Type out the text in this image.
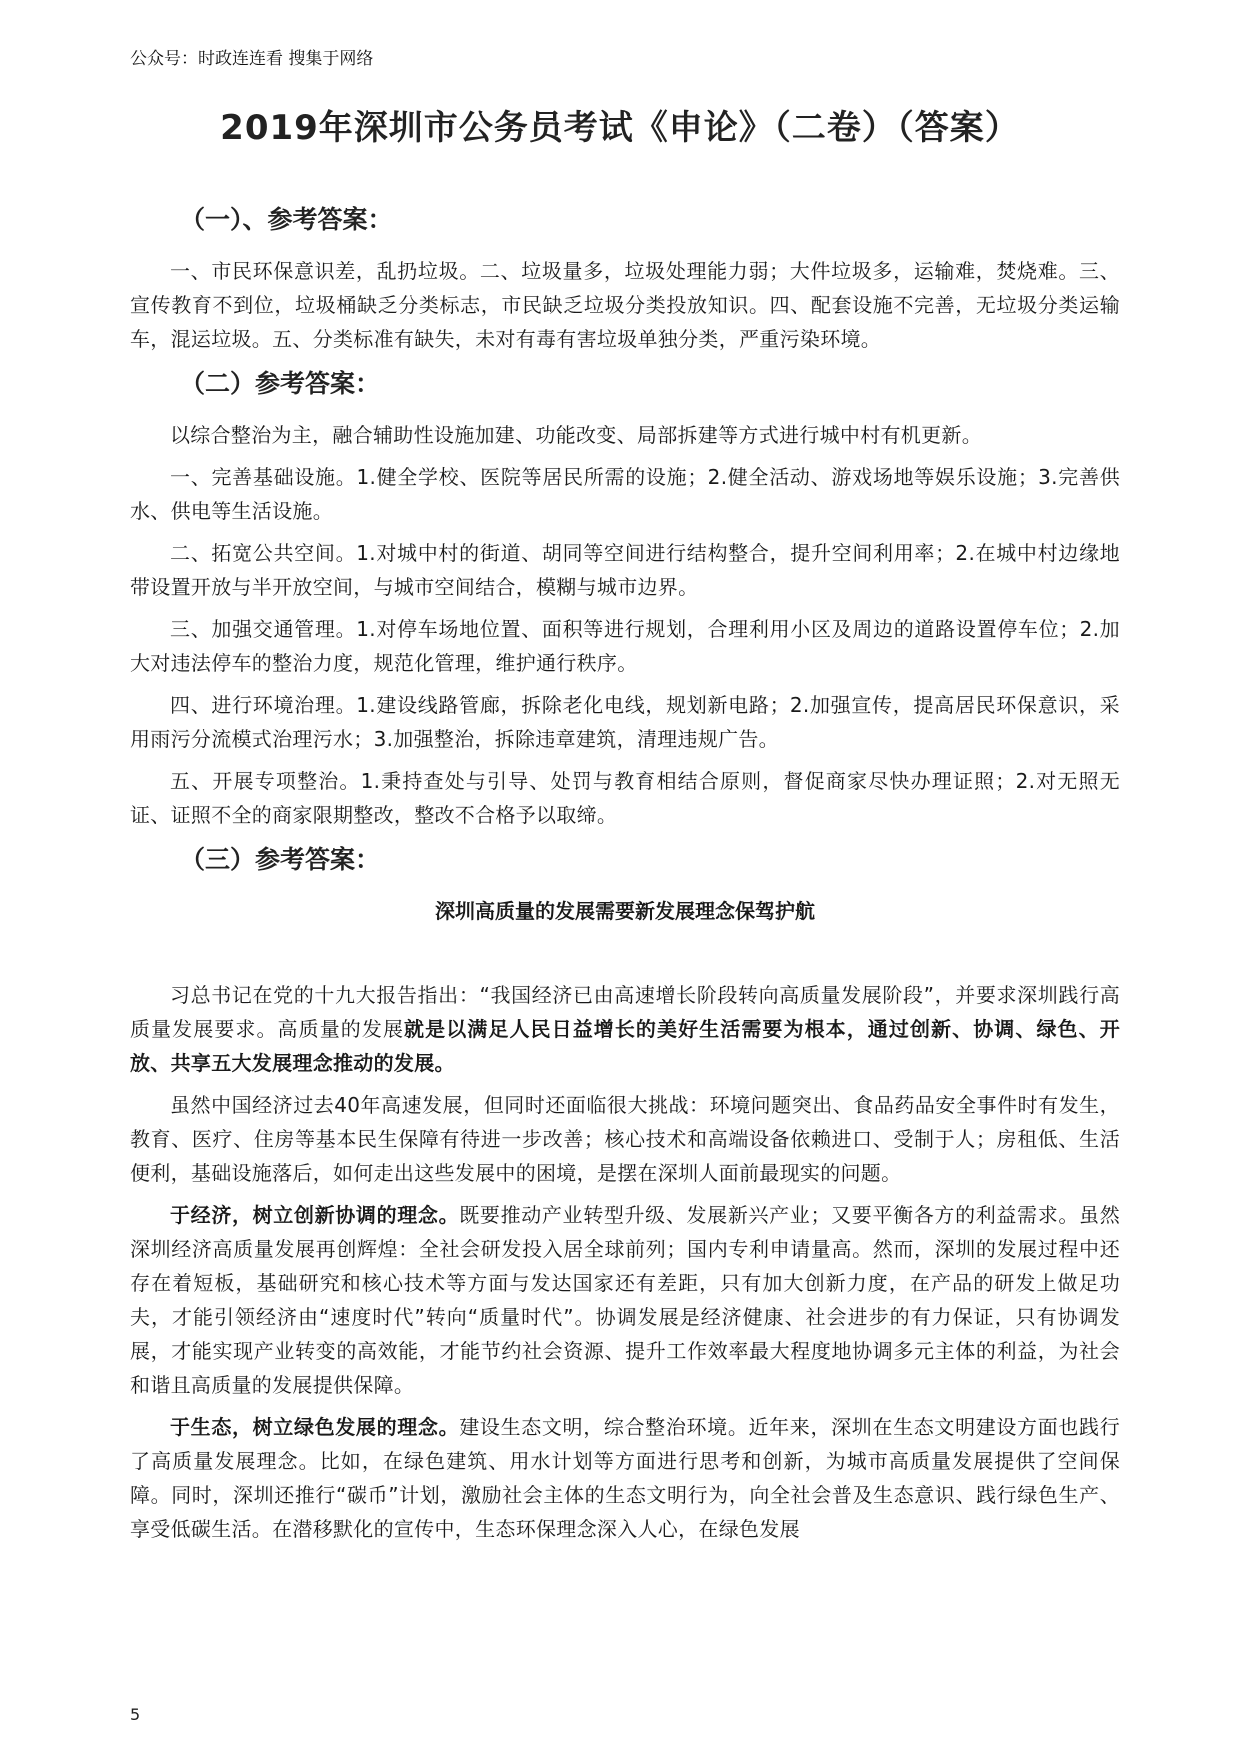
公众号：时政连连看 搜集于网络
2019年深圳市公务员考试《申论》（二卷）（答案）
（一）、参考答案：

一、市民环保意识差，乱扔垃圾。二、垃圾量多，垃圾处理能力弱；大件垃圾多，运输难，焚烧难。三、宣传教育不到位，垃圾桶缺乏分类标志，市民缺乏垃圾分类投放知识。四、配套设施不完善，无垃圾分类运输车，混运垃圾。五、分类标准有缺失，未对有毒有害垃圾单独分类，严重污染环境。

（二）参考答案：

以综合整治为主，融合辅助性设施加建、功能改变、局部拆建等方式进行城中村有机更新。

一、完善基础设施。1.健全学校、医院等居民所需的设施；2.健全活动、游戏场地等娱乐设施；3.完善供水、供电等生活设施。

二、拓宽公共空间。1.对城中村的街道、胡同等空间进行结构整合，提升空间利用率；2.在城中村边缘地带设置开放与半开放空间，与城市空间结合，模糊与城市边界。

三、加强交通管理。1.对停车场地位置、面积等进行规划，合理利用小区及周边的道路设置停车位；2.加大对违法停车的整治力度，规范化管理，维护通行秩序。

四、进行环境治理。1.建设线路管廊，拆除老化电线，规划新电路；2.加强宣传，提高居民环保意识，采用雨污分流模式治理污水；3.加强整治，拆除违章建筑，清理违规广告。

五、开展专项整治。1.秉持查处与引导、处罚与教育相结合原则，督促商家尽快办理证照；2.对无照无证、证照不全的商家限期整改，整改不合格予以取缔。

（三）参考答案：
深圳高质量的发展需要新发展理念保驾护航

习总书记在党的十九大报告指出：“我国经济已由高速增长阶段转向高质量发展阶段”，并要求深圳践行高质量发展要求。高质量的发展就是以满足人民日益增长的美好生活需要为根本，通过创新、协调、绿色、开放、共享五大发展理念推动的发展。

虽然中国经济过去40年高速发展，但同时还面临很大挑战：环境问题突出、食品药品安全事件时有发生，教育、医疗、住房等基本民生保障有待进一步改善；核心技术和高端设备依赖进口、受制于人；房租低、生活便利，基础设施落后，如何走出这些发展中的困境，是摆在深圳人面前最现实的问题。

于经济，树立创新协调的理念。既要推动产业转型升级、发展新兴产业；又要平衡各方的利益需求。虽然深圳经济高质量发展再创辉煌：全社会研发投入居全球前列；国内专利申请量高。然而，深圳的发展过程中还存在着短板，基础研究和核心技术等方面与发达国家还有差距，只有加大创新力度，在产品的研发上做足功夫，才能引领经济由“速度时代”转向“质量时代”。协调发展是经济健康、社会进步的有力保证，只有协调发展，才能实现产业转变的高效能，才能节约社会资源、提升工作效率最大程度地协调多元主体的利益，为社会和谐且高质量的发展提供保障。

于生态，树立绿色发展的理念。建设生态文明，综合整治环境。近年来，深圳在生态文明建设方面也践行了高质量发展理念。比如，在绿色建筑、用水计划等方面进行思考和创新，为城市高质量发展提供了空间保障。同时，深圳还推行“碳币”计划，激励社会主体的生态文明行为，向全社会普及生态意识、践行绿色生产、享受低碳生活。在潜移默化的宣传中，生态环保理念深入人心，在绿色发展

5
